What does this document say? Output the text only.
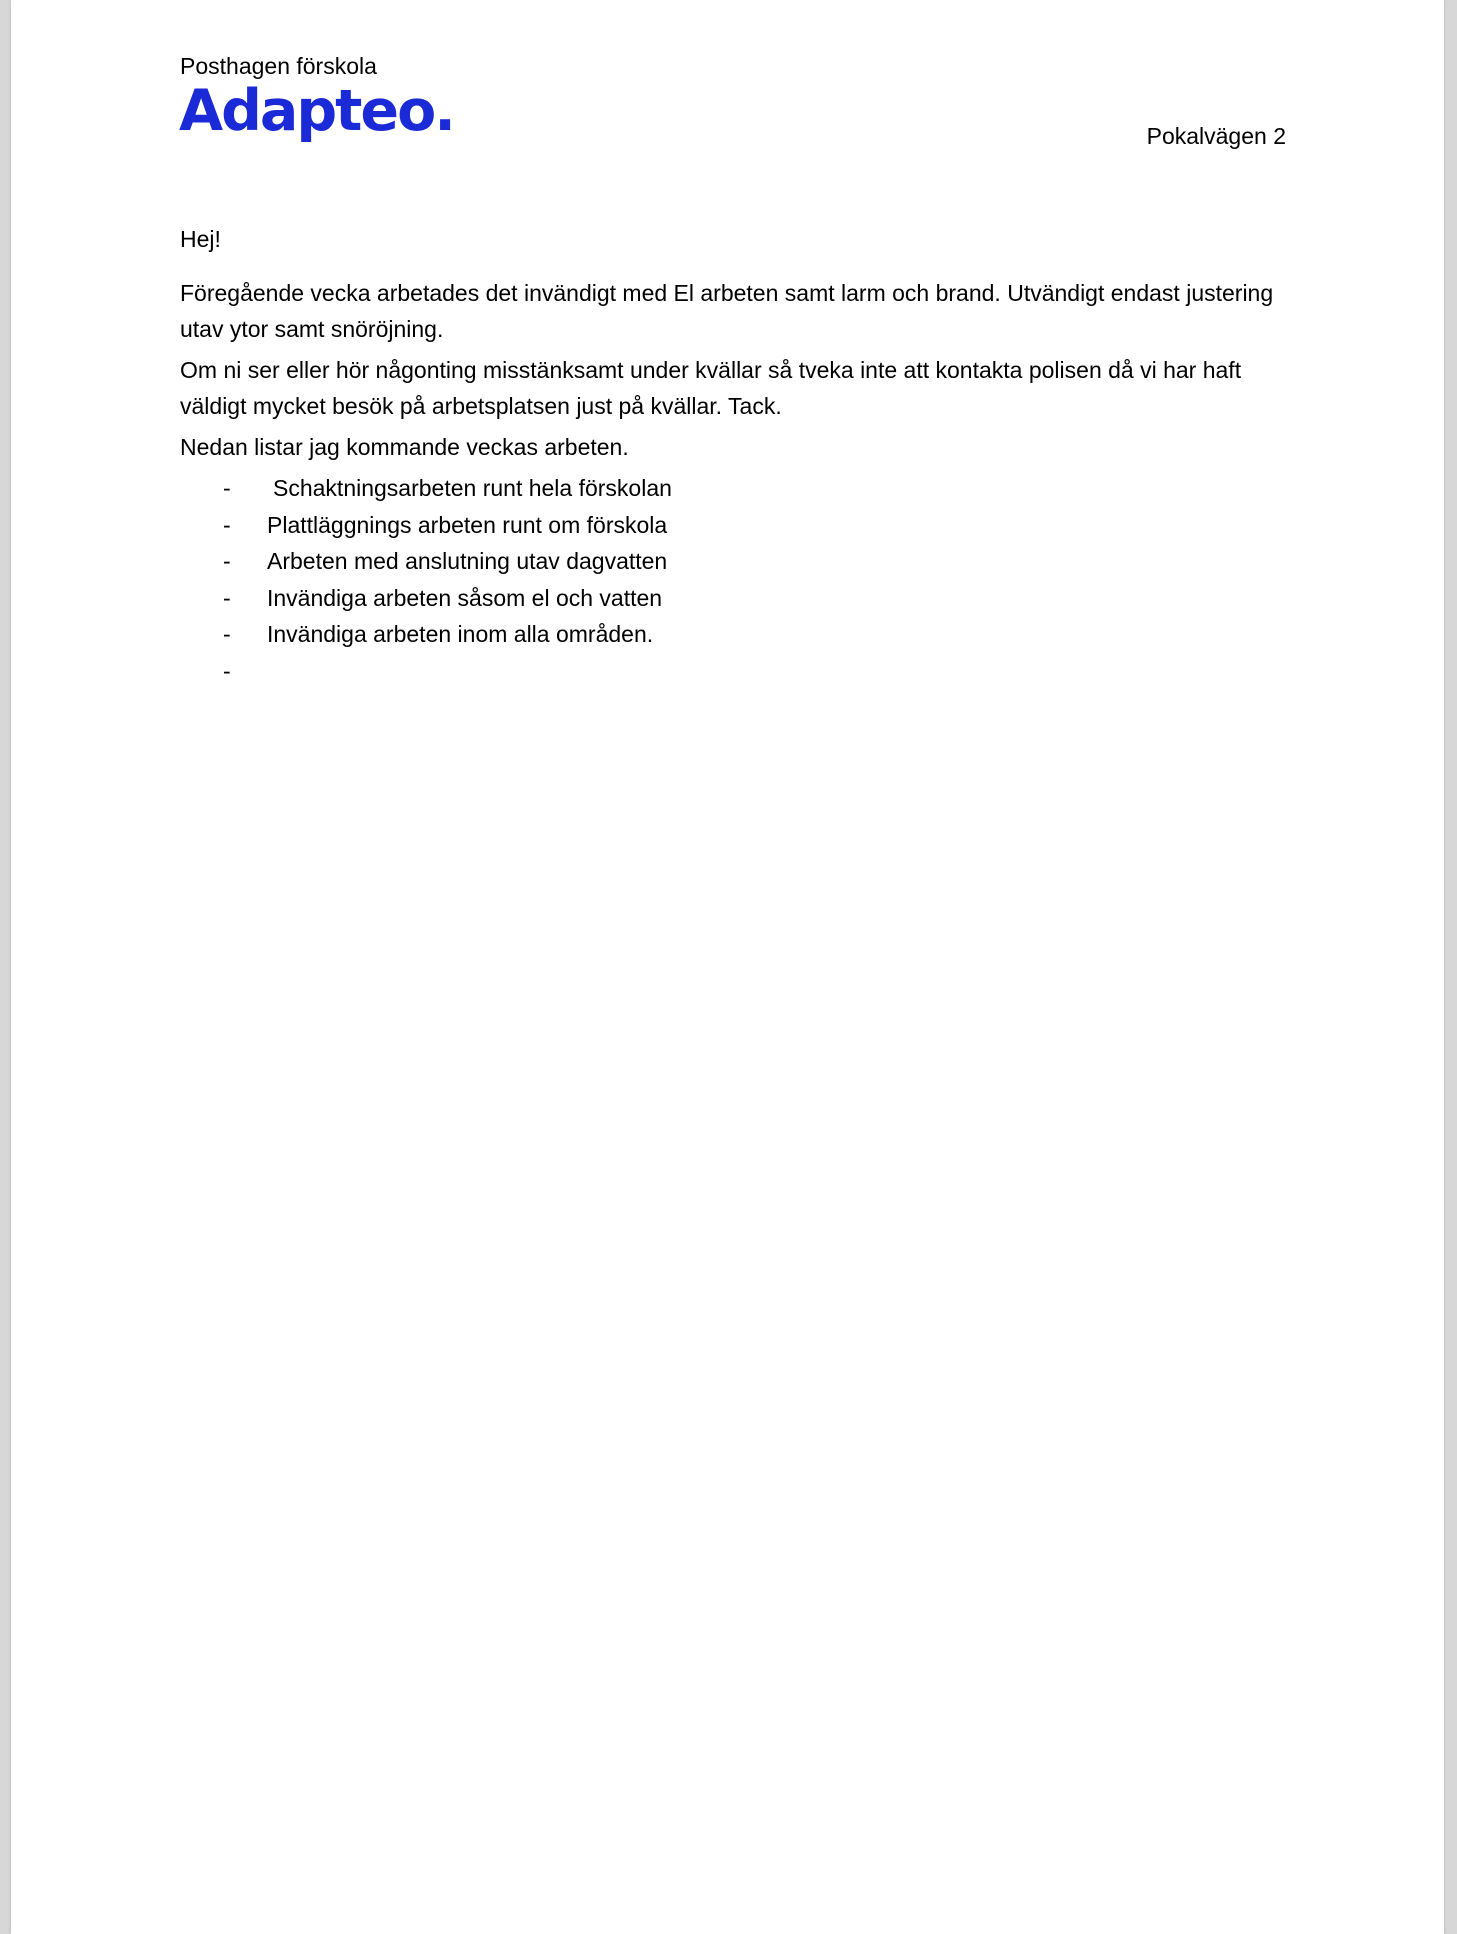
Posthagen förskola
Adapteo.	Pokalvägen 2
Hej!

Föregående vecka arbetades det invändigt med El arbeten samt larm och brand. Utvändigt endast justering utav ytor samt snöröjning.

Om ni ser eller hör någonting misstänksamt under kvällar så tveka inte att kontakta polisen då vi har haft väldigt mycket besök på arbetsplatsen just på kvällar. Tack.

Nedan listar jag kommande veckas arbeten.

- Schaktningsarbeten runt hela förskolan
- Plattläggnings arbeten runt om förskola
- Arbeten med anslutning utav dagvatten
- Invändiga arbeten såsom el och vatten
- Invändiga arbeten inom alla områden.
-
